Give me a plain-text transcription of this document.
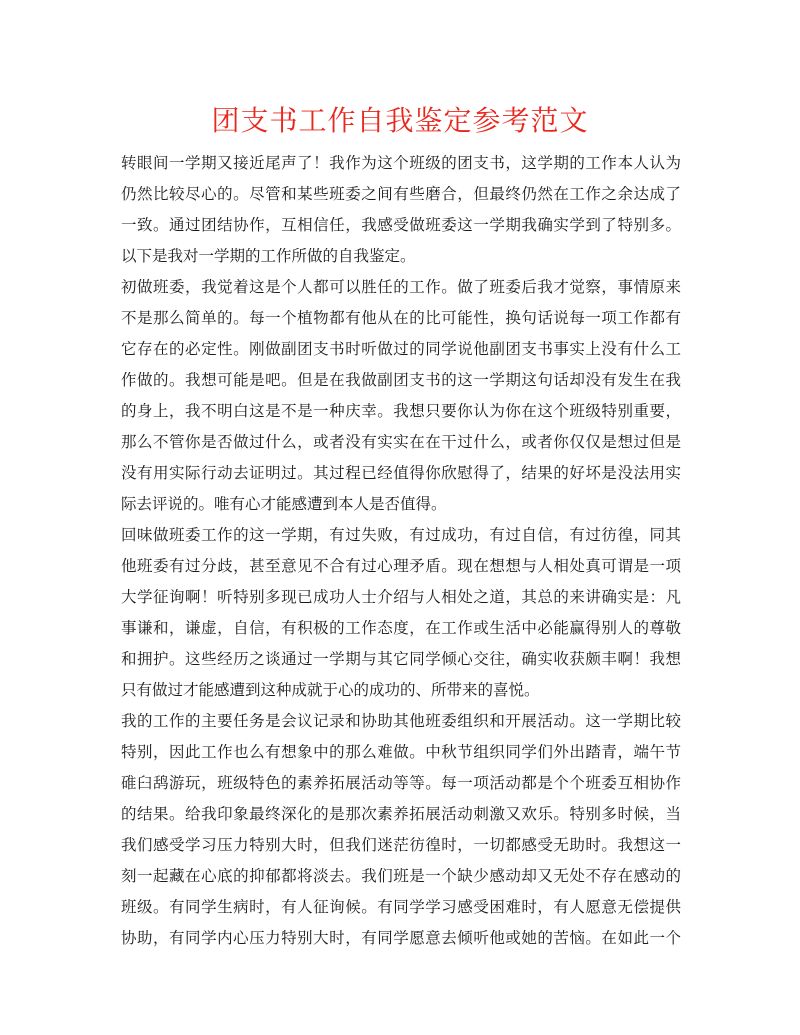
团支书工作自我鉴定参考范文
转眼间一学期又接近尾声了！我作为这个班级的团支书，这学期的工作本人认为
仍然比较尽心的。尽管和某些班委之间有些磨合，但最终仍然在工作之余达成了
一致。通过团结协作，互相信任，我感受做班委这一学期我确实学到了特别多。
以下是我对一学期的工作所做的自我鉴定。
初做班委，我觉着这是个人都可以胜任的工作。做了班委后我才觉察，事情原来
不是那么简单的。每一个植物都有他从在的比可能性，换句话说每一项工作都有
它存在的必定性。刚做副团支书时听做过的同学说他副团支书事实上没有什么工
作做的。我想可能是吧。但是在我做副团支书的这一学期这句话却没有发生在我
的身上，我不明白这是不是一种庆幸。我想只要你认为你在这个班级特别重要，
那么不管你是否做过什么，或者没有实实在在干过什么，或者你仅仅是想过但是
没有用实际行动去证明过。其过程已经值得你欣慰得了，结果的好坏是没法用实
际去评说的。唯有心才能感遭到本人是否值得。
回味做班委工作的这一学期，有过失败，有过成功，有过自信，有过彷徨，同其
他班委有过分歧，甚至意见不合有过心理矛盾。现在想想与人相处真可谓是一项
大学征询啊！听特别多现已成功人士介绍与人相处之道，其总的来讲确实是：凡
事谦和，谦虚，自信，有积极的工作态度，在工作或生活中必能赢得别人的尊敬
和拥护。这些经历之谈通过一学期与其它同学倾心交往，确实收获颇丰啊！我想
只有做过才能感遭到这种成就于心的成功的、所带来的喜悦。
我的工作的主要任务是会议记录和协助其他班委组织和开展活动。这一学期比较
特别，因此工作也么有想象中的那么难做。中秋节组织同学们外出踏青，端午节
碓臼鸹游玩，班级特色的素养拓展活动等等。每一项活动都是个个班委互相协作
的结果。给我印象最终深化的是那次素养拓展活动刺激又欢乐。特别多时候，当
我们感受学习压力特别大时，但我们迷茫彷徨时，一切都感受无助时。我想这一
刻一起藏在心底的抑郁都将淡去。我们班是一个缺少感动却又无处不存在感动的
班级。有同学生病时，有人征询候。有同学学习感受困难时，有人愿意无偿提供
协助，有同学内心压力特别大时，有同学愿意去倾听他或她的苦恼。在如此一个
